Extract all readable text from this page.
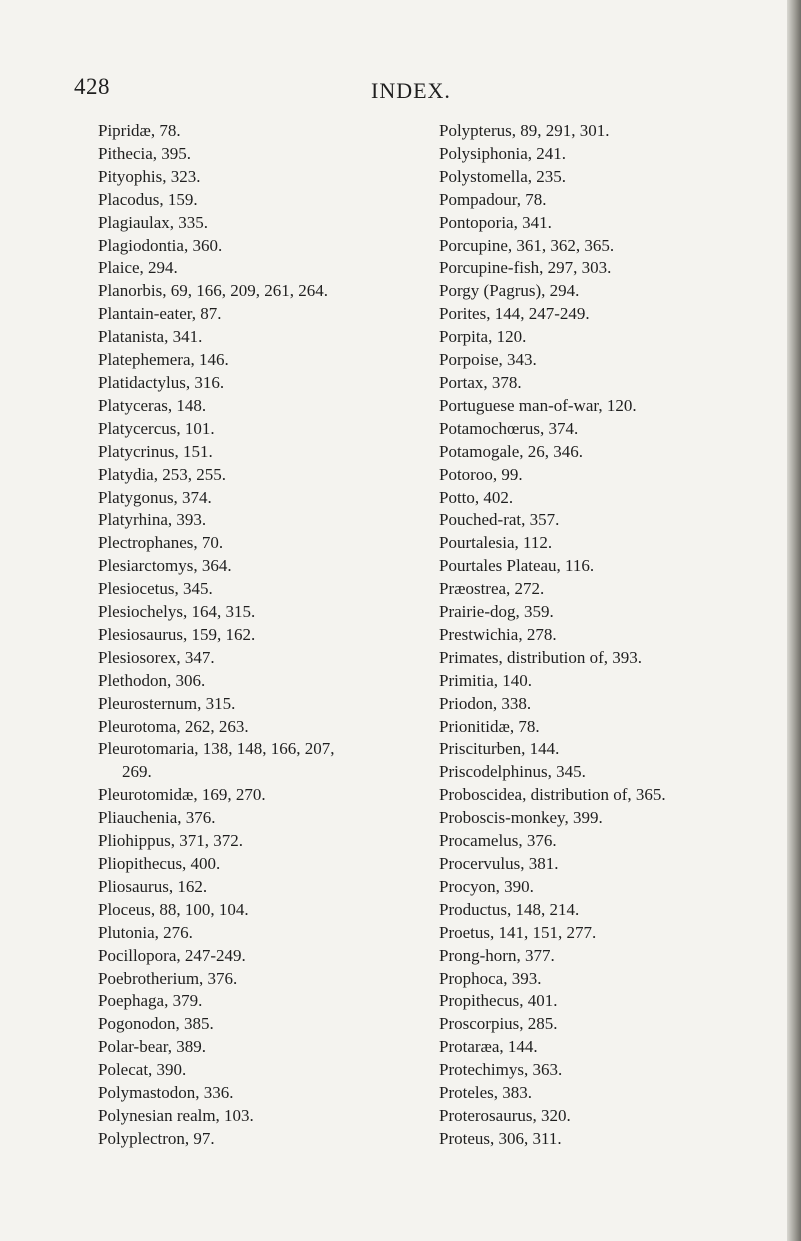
428	INDEX.
Pipridæ, 78.
Pithecia, 395.
Pityophis, 323.
Placodus, 159.
Plagiaulax, 335.
Plagiodontia, 360.
Plaice, 294.
Planorbis, 69, 166, 209, 261, 264.
Plantain-eater, 87.
Platanista, 341.
Platephemera, 146.
Platidactylus, 316.
Platyceras, 148.
Platycercus, 101.
Platycrinus, 151.
Platydia, 253, 255.
Platygonus, 374.
Platyrhina, 393.
Plectrophanes, 70.
Plesiarctomys, 364.
Plesiocetus, 345.
Plesiochelys, 164, 315.
Plesiosaurus, 159, 162.
Plesiosorex, 347.
Plethodon, 306.
Pleurosternum, 315.
Pleurotoma, 262, 263.
Pleurotomaria, 138, 148, 166, 207,
269.
Pleurotomidæ, 169, 270.
Pliauchenia, 376.
Pliohippus, 371, 372.
Pliopithecus, 400.
Pliosaurus, 162.
Ploceus, 88, 100, 104.
Plutonia, 276.
Pocillopora, 247-249.
Poebrotherium, 376.
Poephaga, 379.
Pogonodon, 385.
Polar-bear, 389.
Polecat, 390.
Polymastodon, 336.
Polynesian realm, 103.
Polyplectron, 97.
Polypterus, 89, 291, 301.
Polysiphonia, 241.
Polystomella, 235.
Pompadour, 78.
Pontoporia, 341.
Porcupine, 361, 362, 365.
Porcupine-fish, 297, 303.
Porgy (Pagrus), 294.
Porites, 144, 247-249.
Porpita, 120.
Porpoise, 343.
Portax, 378.
Portuguese man-of-war, 120.
Potamochœrus, 374.
Potamogale, 26, 346.
Potoroo, 99.
Potto, 402.
Pouched-rat, 357.
Pourtalesia, 112.
Pourtales Plateau, 116.
Præostrea, 272.
Prairie-dog, 359.
Prestwichia, 278.
Primates, distribution of, 393.
Primitia, 140.
Priodon, 338.
Prionitidæ, 78.
Prisciturben, 144.
Priscodelphinus, 345.
Proboscidea, distribution of, 365.
Proboscis-monkey, 399.
Procamelus, 376.
Procervulus, 381.
Procyon, 390.
Productus, 148, 214.
Proetus, 141, 151, 277.
Prong-horn, 377.
Prophoca, 393.
Propithecus, 401.
Proscorpius, 285.
Protaræa, 144.
Protechimys, 363.
Proteles, 383.
Proterosaurus, 320.
Proteus, 306, 311.
